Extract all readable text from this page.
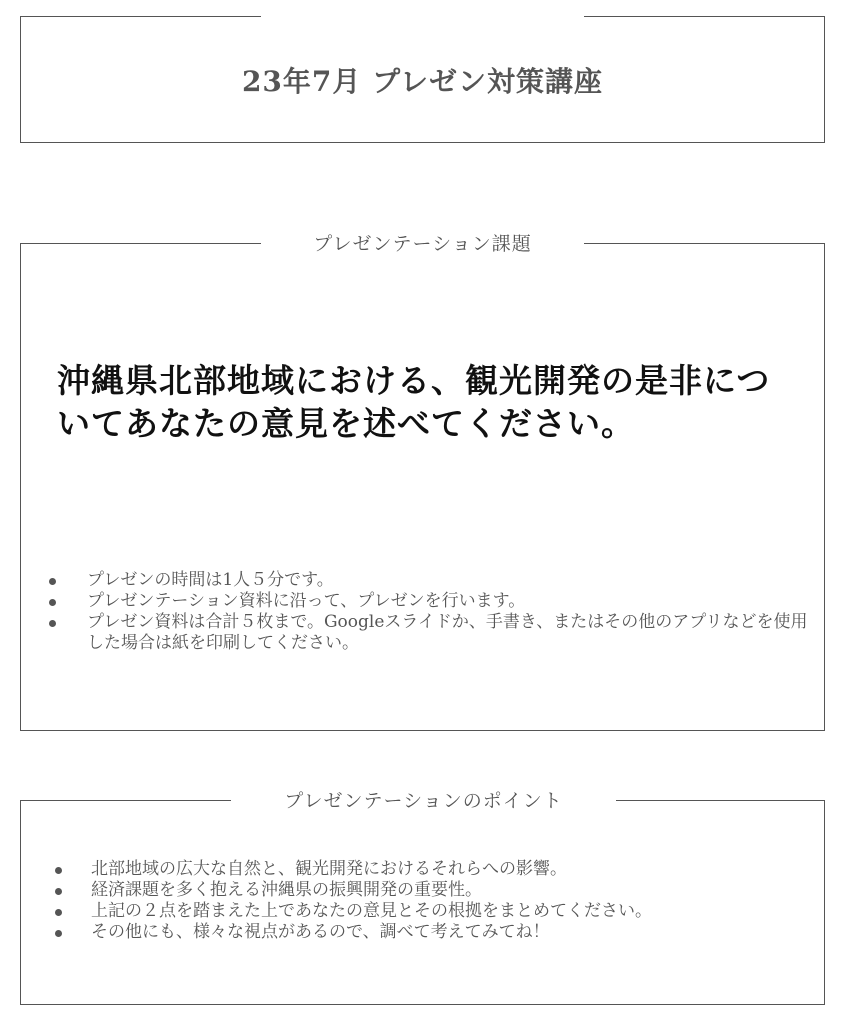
23年7月 プレゼン対策講座
プレゼンテーション課題
沖縄県北部地域における、観光開発の是非についてあなたの意見を述べてください。
プレゼンの時間は1人５分です。
プレゼンテーション資料に沿って、プレゼンを行います。
プレゼン資料は合計５枚まで。Googleスライドか、手書き、またはその他のアプリなどを使用した場合は紙を印刷してください。
プレゼンテーションのポイント
北部地域の広大な自然と、観光開発におけるそれらへの影響。
経済課題を多く抱える沖縄県の振興開発の重要性。
上記の２点を踏まえた上であなたの意見とその根拠をまとめてください。
その他にも、様々な視点があるので、調べて考えてみてね！
